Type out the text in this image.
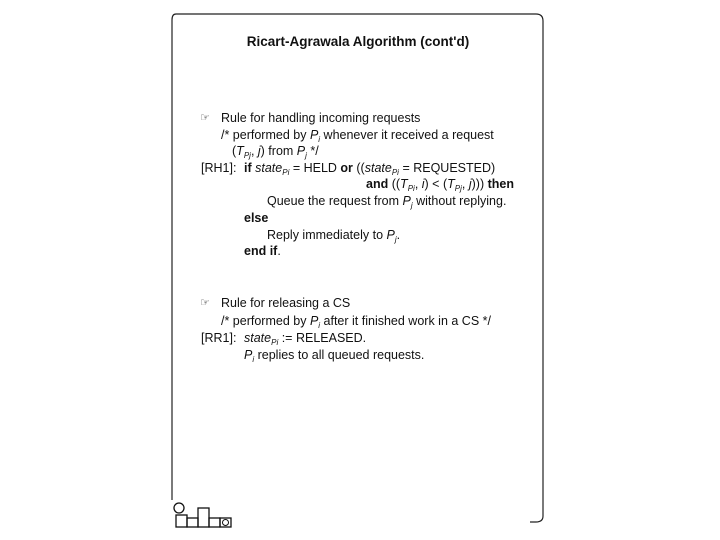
Ricart-Agrawala Algorithm (cont'd)
☞ Rule for handling incoming requests
/* performed by $P_i$ whenever it received a request
($T_{Pj}$, j) from $P_j$ */
[RH1]: if state$_{Pi}$ = HELD or ((state$_{Pi}$ = REQUESTED)
and (($T_{Pi}$, $i) < (T_{Pj}$, j))) then
Queue the request from $P_j$ without replying.
else
Reply immediately to $P_j$.
end if.
☞ Rule for releasing a CS
/* performed by $P_i$ after it finished work in a CS */
[RR1]: state$_{Pi}$ := RELEASED.
$P_i$ replies to all queued requests.
